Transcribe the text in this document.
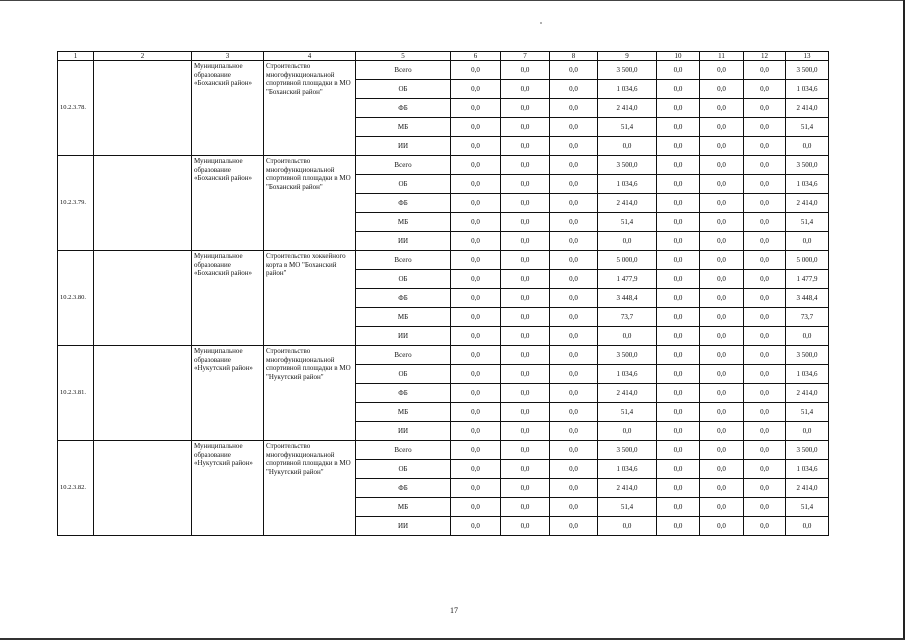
1	2	3	4	5	6	7	8	9	10	11	12	13
10.2.3.78.		Муниципальное образование «Боханский район»	Строительство многофункциональной спортивной площадки в МО "Боханский район"	Всего	0,0	0,0	0,0	3 500,0	0,0	0,0	0,0	3 500,0
				ОБ	0,0	0,0	0,0	1 034,6	0,0	0,0	0,0	1 034,6
				ФБ	0,0	0,0	0,0	2 414,0	0,0	0,0	0,0	2 414,0
				МБ	0,0	0,0	0,0	51,4	0,0	0,0	0,0	51,4
				ИИ	0,0	0,0	0,0	0,0	0,0	0,0	0,0	0,0
10.2.3.79.		Муниципальное образование «Боханский район»	Строительство многофункциональной спортивной площадки в МО "Боханский район"	Всего	0,0	0,0	0,0	3 500,0	0,0	0,0	0,0	3 500,0
				ОБ	0,0	0,0	0,0	1 034,6	0,0	0,0	0,0	1 034,6
				ФБ	0,0	0,0	0,0	2 414,0	0,0	0,0	0,0	2 414,0
				МБ	0,0	0,0	0,0	51,4	0,0	0,0	0,0	51,4
				ИИ	0,0	0,0	0,0	0,0	0,0	0,0	0,0	0,0
10.2.3.80.		Муниципальное образование «Боханский район»	Строительство хоккейного корта в МО "Боханский район"	Всего	0,0	0,0	0,0	5 000,0	0,0	0,0	0,0	5 000,0
				ОБ	0,0	0,0	0,0	1 477,9	0,0	0,0	0,0	1 477,9
				ФБ	0,0	0,0	0,0	3 448,4	0,0	0,0	0,0	3 448,4
				МБ	0,0	0,0	0,0	73,7	0,0	0,0	0,0	73,7
				ИИ	0,0	0,0	0,0	0,0	0,0	0,0	0,0	0,0
10.2.3.81.		Муниципальное образование «Нукутский район»	Строительство многофункциональной спортивной площадки в МО "Нукутский район"	Всего	0,0	0,0	0,0	3 500,0	0,0	0,0	0,0	3 500,0
				ОБ	0,0	0,0	0,0	1 034,6	0,0	0,0	0,0	1 034,6
				ФБ	0,0	0,0	0,0	2 414,0	0,0	0,0	0,0	2 414,0
				МБ	0,0	0,0	0,0	51,4	0,0	0,0	0,0	51,4
				ИИ	0,0	0,0	0,0	0,0	0,0	0,0	0,0	0,0
10.2.3.82.		Муниципальное образование «Нукутский район»	Строительство многофункциональной спортивной площадки в МО "Нукутский район"	Всего	0,0	0,0	0,0	3 500,0	0,0	0,0	0,0	3 500,0
				ОБ	0,0	0,0	0,0	1 034,6	0,0	0,0	0,0	1 034,6
				ФБ	0,0	0,0	0,0	2 414,0	0,0	0,0	0,0	2 414,0
				МБ	0,0	0,0	0,0	51,4	0,0	0,0	0,0	51,4
				ИИ	0,0	0,0	0,0	0,0	0,0	0,0	0,0	0,0
17
